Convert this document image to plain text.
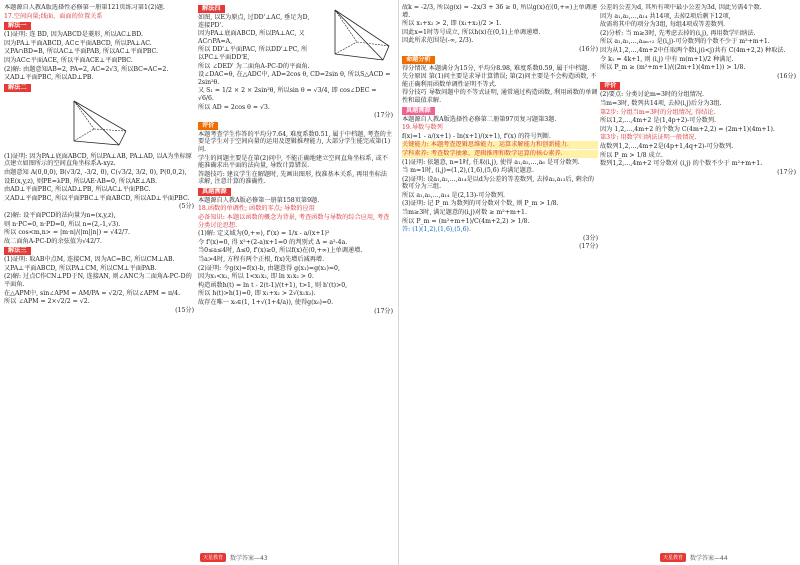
本题源自人教A版选择性必修第一册第121页练习第1(2)题.

17.空间向量;线面、面面的位置关系

解法一

(1)证明: 连 BD, 因为ABCD是菱形, 所以AC⊥BD.

因为PA⊥平面ABCD, AC⊂平面ABCD, 所以PA⊥AC.

又PA∩BD=B, 所以AC⊥平面PAB, 所以AC⊥平面PBC.

因为AC⊂平面ACE, 所以平面ACE⊥平面PBC.

(2)解: 由题意知AB=2, PA=2, AC=2√3, 所以BC=AC=2.

又AD⊥平面PBC, 所以AD⊥PB.

解法二

(1)证明: 因为PA⊥底面ABCD, 所以PA⊥AB, PA⊥AD, 以A为坐标原点建立如图所示的空间直角坐标系A-xyz.

由题意知 A(0,0,0), B(√3/2, -3/2, 0), C(√3/2, 3/2, 0), P(0,0,2),

设E(x,y,z), 则PE=λPB, 所以AE·AB=0, 所以AE⊥AB.

由AD⊥平面PBC, 所以AD⊥PB, 所以AC⊥平面PBC.

又AD⊥平面PBC, 所以平面PBC⊥平面ABCD, 所以AD⊥平面PBC.

(5分)

(2)解: 设平面PCD的法向量为n=(x,y,z),

则 n·PC=0, n·PD=0, 所以 n=(2,-1,√3).

所以 cos<m,n> = |m·n|/(|m||n|) = √42/7.

故二面角A-PC-D的余弦值为√42/7.

解法三

(1)证明: 取AB中点M, 连接CM, 因为AC=BC, 所以CM⊥AB.

又PA⊥平面ABCD, 所以PA⊥CM, 所以CM⊥平面PAB.

(2)解: 过点C作CN⊥PD于N, 连接AN, 则∠ANC为二面角A-PC-D的平面角.

在△APM中, sin∠APM = AM/PA = √2/2, 所以∠APM = π/4.

所以 ∠APM = 2×√2/2 = √2.

(15分)

解法四

如图, 以E为原点, 过DD'⊥AC, 垂足为D, 连接PD'.

因为PA⊥底面ABCD, 所以PA⊥AC, 又AC∩PA=A,

所以 DD'⊥平面PAC, 所以DD'⊥PC, 所以PC⊥平面DD'E,

所以 ∠DED' 为二面角A-PC-D的平面角.

设∠DAC=θ, 在△ADC中, AD=2cos θ, CD=2sin θ, 所以S△ACD = 2sin²θ.

又 S₁ = 1/2 × 2 × 2sin²θ, 所以sin θ = √3/4, 即 cos∠DEC = √6/6.

所以 AD = 2cos θ = √3.

(17分)

评价

本题考查学生作答的平均分7.64, 难度系数0.51, 属于中档题, 考查的主要是学生对于空间向量的运用及逻辑推理能力, 大部分学生能完成第(1)问.

学生的问题主要是在第(2)问中, 不能正确地建立空间直角坐标系, 或不能准确求出平面的法向量, 导致计算错误.

答题技巧: 建议学生在解题时, 先画出图形, 找准基本关系, 再用坐标法求解, 注意计算的准确性.

真题溯源

本题源自人教A版必修第一册第158页第9题.

18.函数的单调性; 函数的零点; 导数的应用

必备知识: 本题以函数的概念为背景, 考查函数与导数的综合应用, 考查分类讨论思想.

(1)解: 定义域为(0,+∞), f'(x) = 1/x - a/(x+1)²

令 f'(x)=0, 得 x²+(2-a)x+1=0 的判别式 Δ = a²-4a.

当0≤a≤4时, Δ≤0, f'(x)≥0, 所以f(x)在(0,+∞)上单调递增.

当a>4时, 方程有两个正根, f(x)先增后减再增.

(2)证明: 令g(x)=f(x)-b, 由题意得 g(x₁)=g(x₂)=0,

因为x₁<x₂, 所以 1<x₁x₂, 即 ln x₁x₂ > 0.

构造函数h(t) = ln t - 2(t-1)/(t+1), t>1, 则 h'(t)>0,

所以 h(t)>h(1)=0, 即 x₁+x₂ > 2√(x₁x₂).

故存在唯一 x₀∈(1, 1+√(1+4/a)), 使得g(x₀)=0.

(17分)

故k = -2/3, 所以g(x) = -2x/3 + 36 ≥ 0, 所以g(x)在(0,+∞)上单调递增.

所以 x₁+x₂ > 2, 即 (x₁+x₂)/2 > 1.

因此x=1时等号成立, 所以h(x)在(0,1)上单调递增.

因此所求范围是(-∞, 2/3).

(16分)

命题分析

得分情况 本题满分为15分, 平均分8.98, 难度系数0.59, 属于中档题.

失分原因 第(1)问主要是求导计算错误; 第(2)问主要是不会构造函数, 不能正确利用函数单调性证明不等式.

得分技巧 导数问题中的不等式证明, 通常通过构造函数, 利用函数的单调性和最值求解.

真题溯源

本题源自人教A版选择性必修第二册第97页复习题第3题.

19.导数与数列

f(x)=1 - a/(x+1) - ln(x+1)/(x+1), f'(x) 的符号判断.

关键能力: 本题考查逻辑思维能力、运算求解能力和创新能力.

学科素养: 考查数学抽象、逻辑推理和数学运算的核心素养.

(1)证明: 依题意, n=1时, 任取(i,j), 使得 a₁,a₂,…,a₆ 是可分数列.

当 m=1时, (i,j)=(1,2),(1,6),(5,6) 均满足题意.

(2)证明: 设a₁,a₂,…,a₁₄是以d为公差的等差数列, 去掉a₂,a₁₃后, 剩余的数可分为三组.

所以 a₁,a₂,…,a₁₄ 是(2,13)-可分数列.

(3)证明: 记 P_m 为数列的可分数对个数, 则 P_m > 1/8.

当m≥3时, 满足题意的(i,j)对数 ≥ m²+m+1.

所以 P_m = (m²+m+1)/C(4m+2,2) > 1/8.

答: (1)(1,2),(1,6),(5,6).

(3分)

(17分)

公差的公差为d, 其所有项中最小公差为3d, 因此另需4个数.

因为 a₁,a₂,…,a₁₄ 共14项, 去掉2项后剩下12项,

故需将其中的项分为3组, 每组4项成等差数列.

(2)分析: 当 m≥3时, 先考虑去掉的(i,j), 再用数学归纳法.

所以 a₁,a₂,…,a₄ₘ₊₂ 是(i,j)-可分数列的个数不少于 m²+m+1.

因为从1,2,…,4m+2中任取两个数i,j(i<j)共有 C(4m+2,2) 种取法.

令 k₁ = 4k+1, 则 (i,j) 中有 m(m+1)/2 种满足.

所以 P_m ≥ (m²+m+1)/((2m+1)(4m+1)) > 1/8.

(16分)

评价

(2)要点: 分类讨论m=3时的分组情况.

当m=3时, 数列共14项, 去掉(i,j)后分为3组.

第2步: 分组当m=3时的分组情况, 得结论.

所以1,2,…,4m+2 是(1,4p+2)-可分数列.

因为 1,2,…,4m+2 的个数为 C(4m+2,2) = (2m+1)(4m+1).

第3步: 用数学归纳法证明一般情况.

故数列1,2,…,4m+2是(4p+1,4q+2)-可分数列.

所以 P_m > 1/8 成立.

数列1,2,…,4m+2 可分数对 (i,j) 的个数不少于 m²+m+1.

(17分)

天星教育	数学答案—43	天星教育	数学答案—44
